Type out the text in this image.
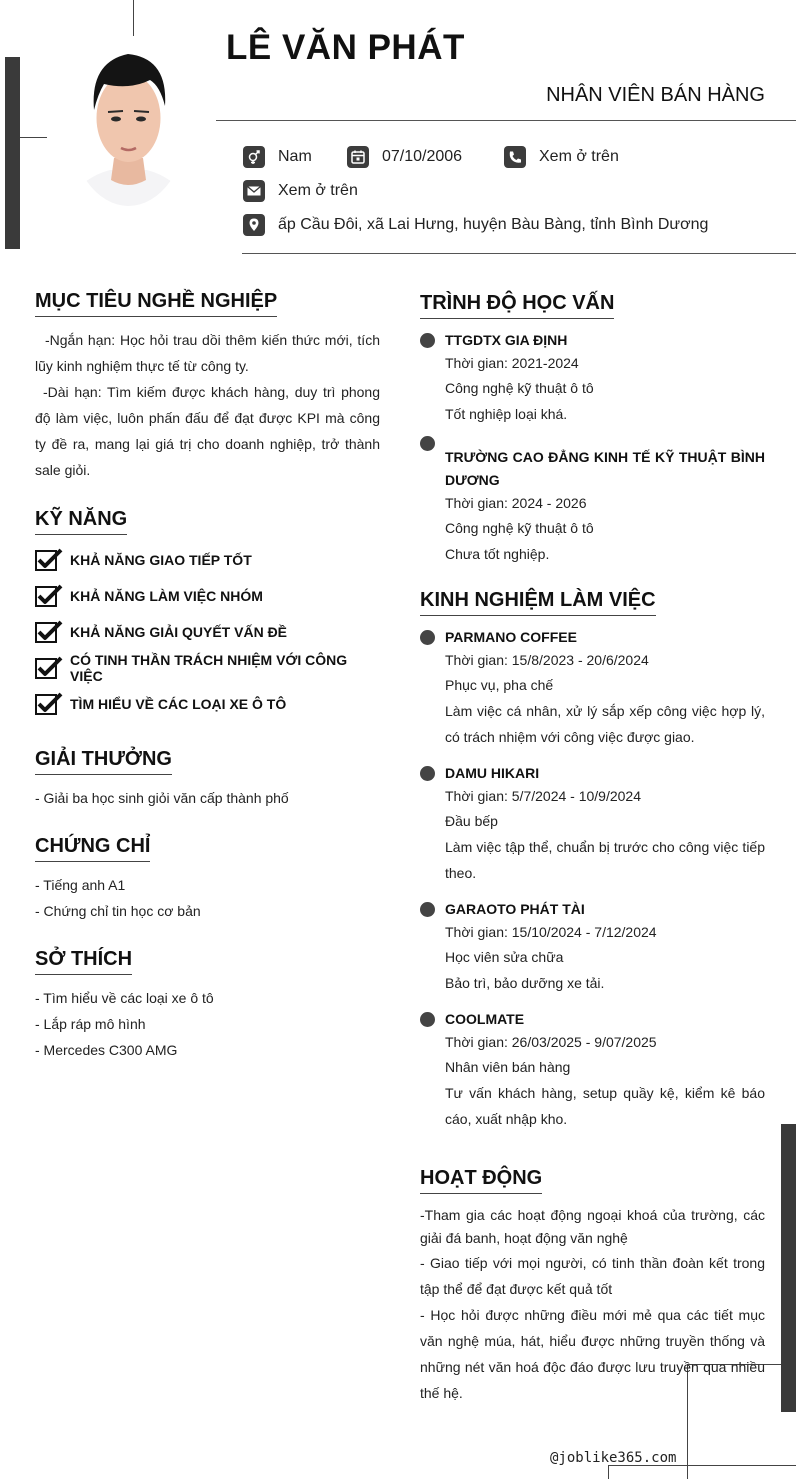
LÊ VĂN PHÁT
NHÂN VIÊN BÁN HÀNG
Nam	07/10/2006	Xem ở trên
Xem ở trên
ấp Cầu Đôi, xã Lai Hưng, huyện Bàu Bàng, tỉnh Bình Dương
MỤC TIÊU NGHỀ NGHIỆP
-Ngắn hạn: Học hỏi trau dồi thêm kiến thức mới, tích lũy kinh nghiệm thực tế từ công ty.
-Dài hạn: Tìm kiếm được khách hàng, duy trì phong độ làm việc, luôn phấn đấu để đạt được KPI mà công ty đề ra, mang lại giá trị cho doanh nghiệp, trở thành sale giỏi.
KỸ NĂNG
KHẢ NĂNG GIAO TIẾP TỐT
KHẢ NĂNG LÀM VIỆC NHÓM
KHẢ NĂNG GIẢI QUYẾT VẤN ĐỀ
CÓ TINH THẦN TRÁCH NHIỆM VỚI CÔNG VIỆC
TÌM HIỂU VỀ CÁC LOẠI XE Ô TÔ
GIẢI THƯỞNG
- Giải ba học sinh giỏi văn cấp thành phố
CHỨNG CHỈ
- Tiếng anh A1
- Chứng chỉ tin học cơ bản
SỞ THÍCH
- Tìm hiểu về các loại xe ô tô
- Lắp ráp mô hình
- Mercedes C300 AMG
TRÌNH ĐỘ HỌC VẤN
TTGDTX GIA ĐỊNH
Thời gian: 2021-2024
Công nghệ kỹ thuật ô tô
Tốt nghiệp loại khá.
TRƯỜNG CAO ĐẲNG KINH TẾ KỸ THUẬT BÌNH DƯƠNG
Thời gian: 2024 - 2026
Công nghệ kỹ thuật ô tô
Chưa tốt nghiệp.
KINH NGHIỆM LÀM VIỆC
PARMANO COFFEE
Thời gian: 15/8/2023 - 20/6/2024
Phục vụ, pha chế
Làm việc cá nhân, xử lý sắp xếp công việc hợp lý, có trách nhiệm với công việc được giao.
DAMU HIKARI
Thời gian: 5/7/2024 - 10/9/2024
Đầu bếp
Làm việc tập thể, chuẩn bị trước cho công việc tiếp theo.
GARAOTO PHÁT TÀI
Thời gian: 15/10/2024 - 7/12/2024
Học viên sửa chữa
Bảo trì, bảo dưỡng xe tải.
COOLMATE
Thời gian: 26/03/2025 - 9/07/2025
Nhân viên bán hàng
Tư vấn khách hàng, setup quầy kệ, kiểm kê báo cáo, xuất nhập kho.
HOẠT ĐỘNG
-Tham gia các hoạt động ngoại khoá của trường, các giải đá banh, hoạt động văn nghệ
- Giao tiếp với mọi người, có tinh thần đoàn kết trong tập thể để đạt được kết quả tốt
- Học hỏi được những điều mới mẻ qua các tiết mục văn nghệ múa, hát, hiểu được những truyền thống và những nét văn hoá độc đáo được lưu truyền qua nhiều thế hệ.
@joblike365.com
